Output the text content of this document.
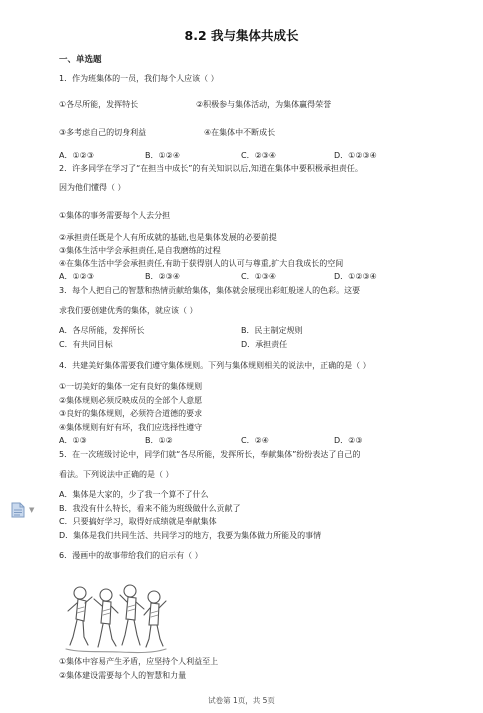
8.2 我与集体共成长
一、单选题
1．作为班集体的一员，我们每个人应该（ ）
①各尽所能，发挥特长	②积极参与集体活动，为集体赢得荣誉
③多考虑自己的切身利益	④在集体中不断成长
A．①②③	B．①②④	C．②③④	D．①②③④
2．许多同学在学习了“在担当中成长”的有关知识以后,知道在集体中要积极承担责任。
因为他们懂得（ ）
①集体的事务需要每个人去分担
②承担责任既是个人有所成就的基础,也是集体发展的必要前提
③集体生活中学会承担责任,是自我磨练的过程
④在集体生活中学会承担责任,有助于获得别人的认可与尊重,扩大自我成长的空间
A．①②③	B．②③④	C．①③④	D．①②③④
3．每个人把自己的智慧和热情贡献给集体，集体就会展现出彩虹般迷人的色彩。这要
求我们要创建优秀的集体，就应该（ ）
A．各尽所能，发挥所长	B．民主制定规则
C．有共同目标	D．承担责任
4．共建美好集体需要我们遵守集体规则。下列与集体规则相关的说法中，正确的是（ ）
①一切美好的集体一定有良好的集体规则
②集体规则必须反映成员的全部个人意愿
③良好的集体规则，必须符合道德的要求
④集体规则有好有坏，我们应选择性遵守
A．①③	B．①②	C．②④	D．②③
5．在一次班级讨论中，同学们就“各尽所能，发挥所长，奉献集体”纷纷表达了自己的
看法。下列说法中正确的是（ ）
A．集体是大家的，少了我一个算不了什么
B．我没有什么特长，看来不能为班级做什么贡献了
C．只要搞好学习，取得好成绩就是奉献集体
D．集体是我们共同生活、共同学习的地方，我要为集体做力所能及的事情
6．漫画中的故事带给我们的启示有（ ）
①集体中容易产生矛盾，应坚持个人利益至上
②集体建设需要每个人的智慧和力量
试卷第 1页，共 5页
▼
